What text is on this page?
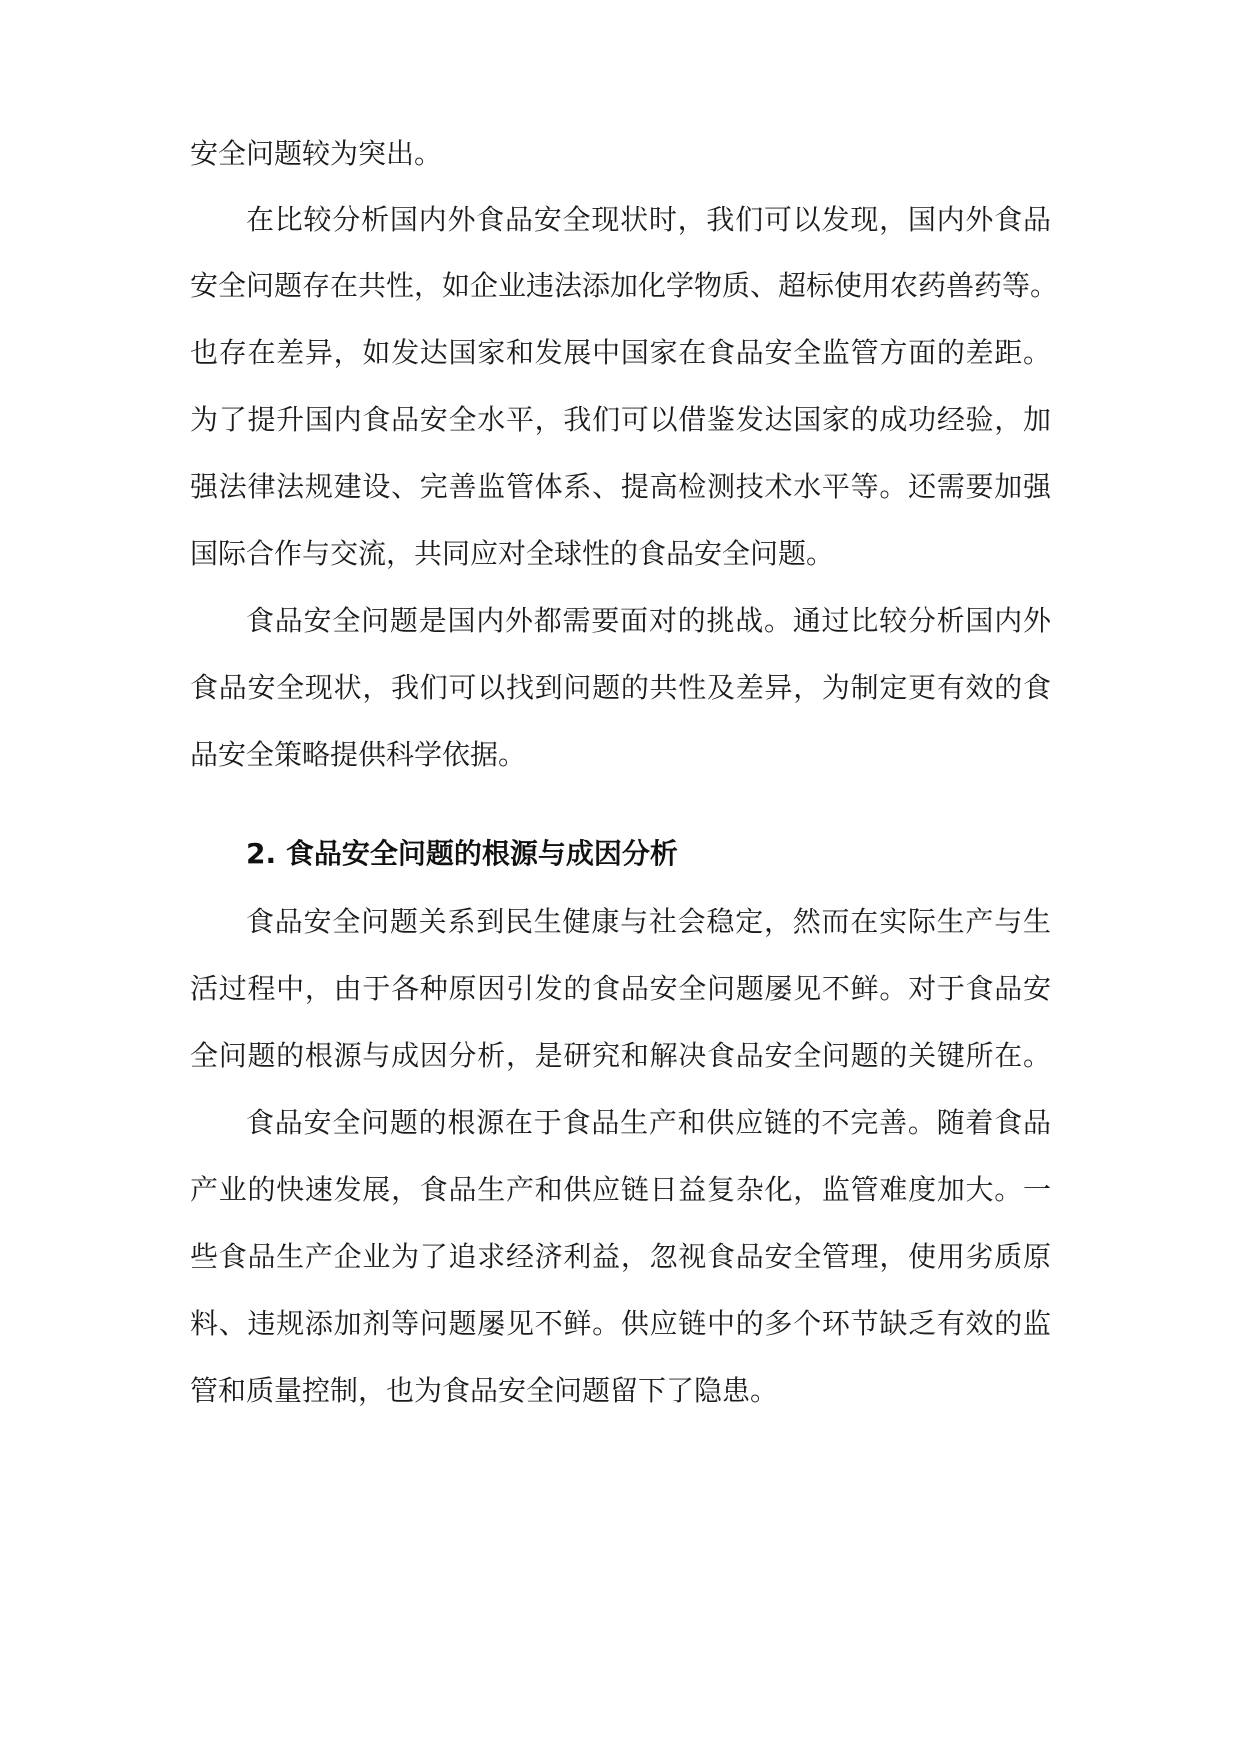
安全问题较为突出。

在比较分析国内外食品安全现状时，我们可以发现，国内外食品

安全问题存在共性，如企业违法添加化学物质、超标使用农药兽药等。

也存在差异，如发达国家和发展中国家在食品安全监管方面的差距。

为了提升国内食品安全水平，我们可以借鉴发达国家的成功经验，加

强法律法规建设、完善监管体系、提高检测技术水平等。还需要加强

国际合作与交流，共同应对全球性的食品安全问题。

食品安全问题是国内外都需要面对的挑战。通过比较分析国内外

食品安全现状，我们可以找到问题的共性及差异，为制定更有效的食

品安全策略提供科学依据。

2. 食品安全问题的根源与成因分析

食品安全问题关系到民生健康与社会稳定，然而在实际生产与生

活过程中，由于各种原因引发的食品安全问题屡见不鲜。对于食品安

全问题的根源与成因分析，是研究和解决食品安全问题的关键所在。

食品安全问题的根源在于食品生产和供应链的不完善。随着食品

产业的快速发展，食品生产和供应链日益复杂化，监管难度加大。一

些食品生产企业为了追求经济利益，忽视食品安全管理，使用劣质原

料、违规添加剂等问题屡见不鲜。供应链中的多个环节缺乏有效的监

管和质量控制，也为食品安全问题留下了隐患。
